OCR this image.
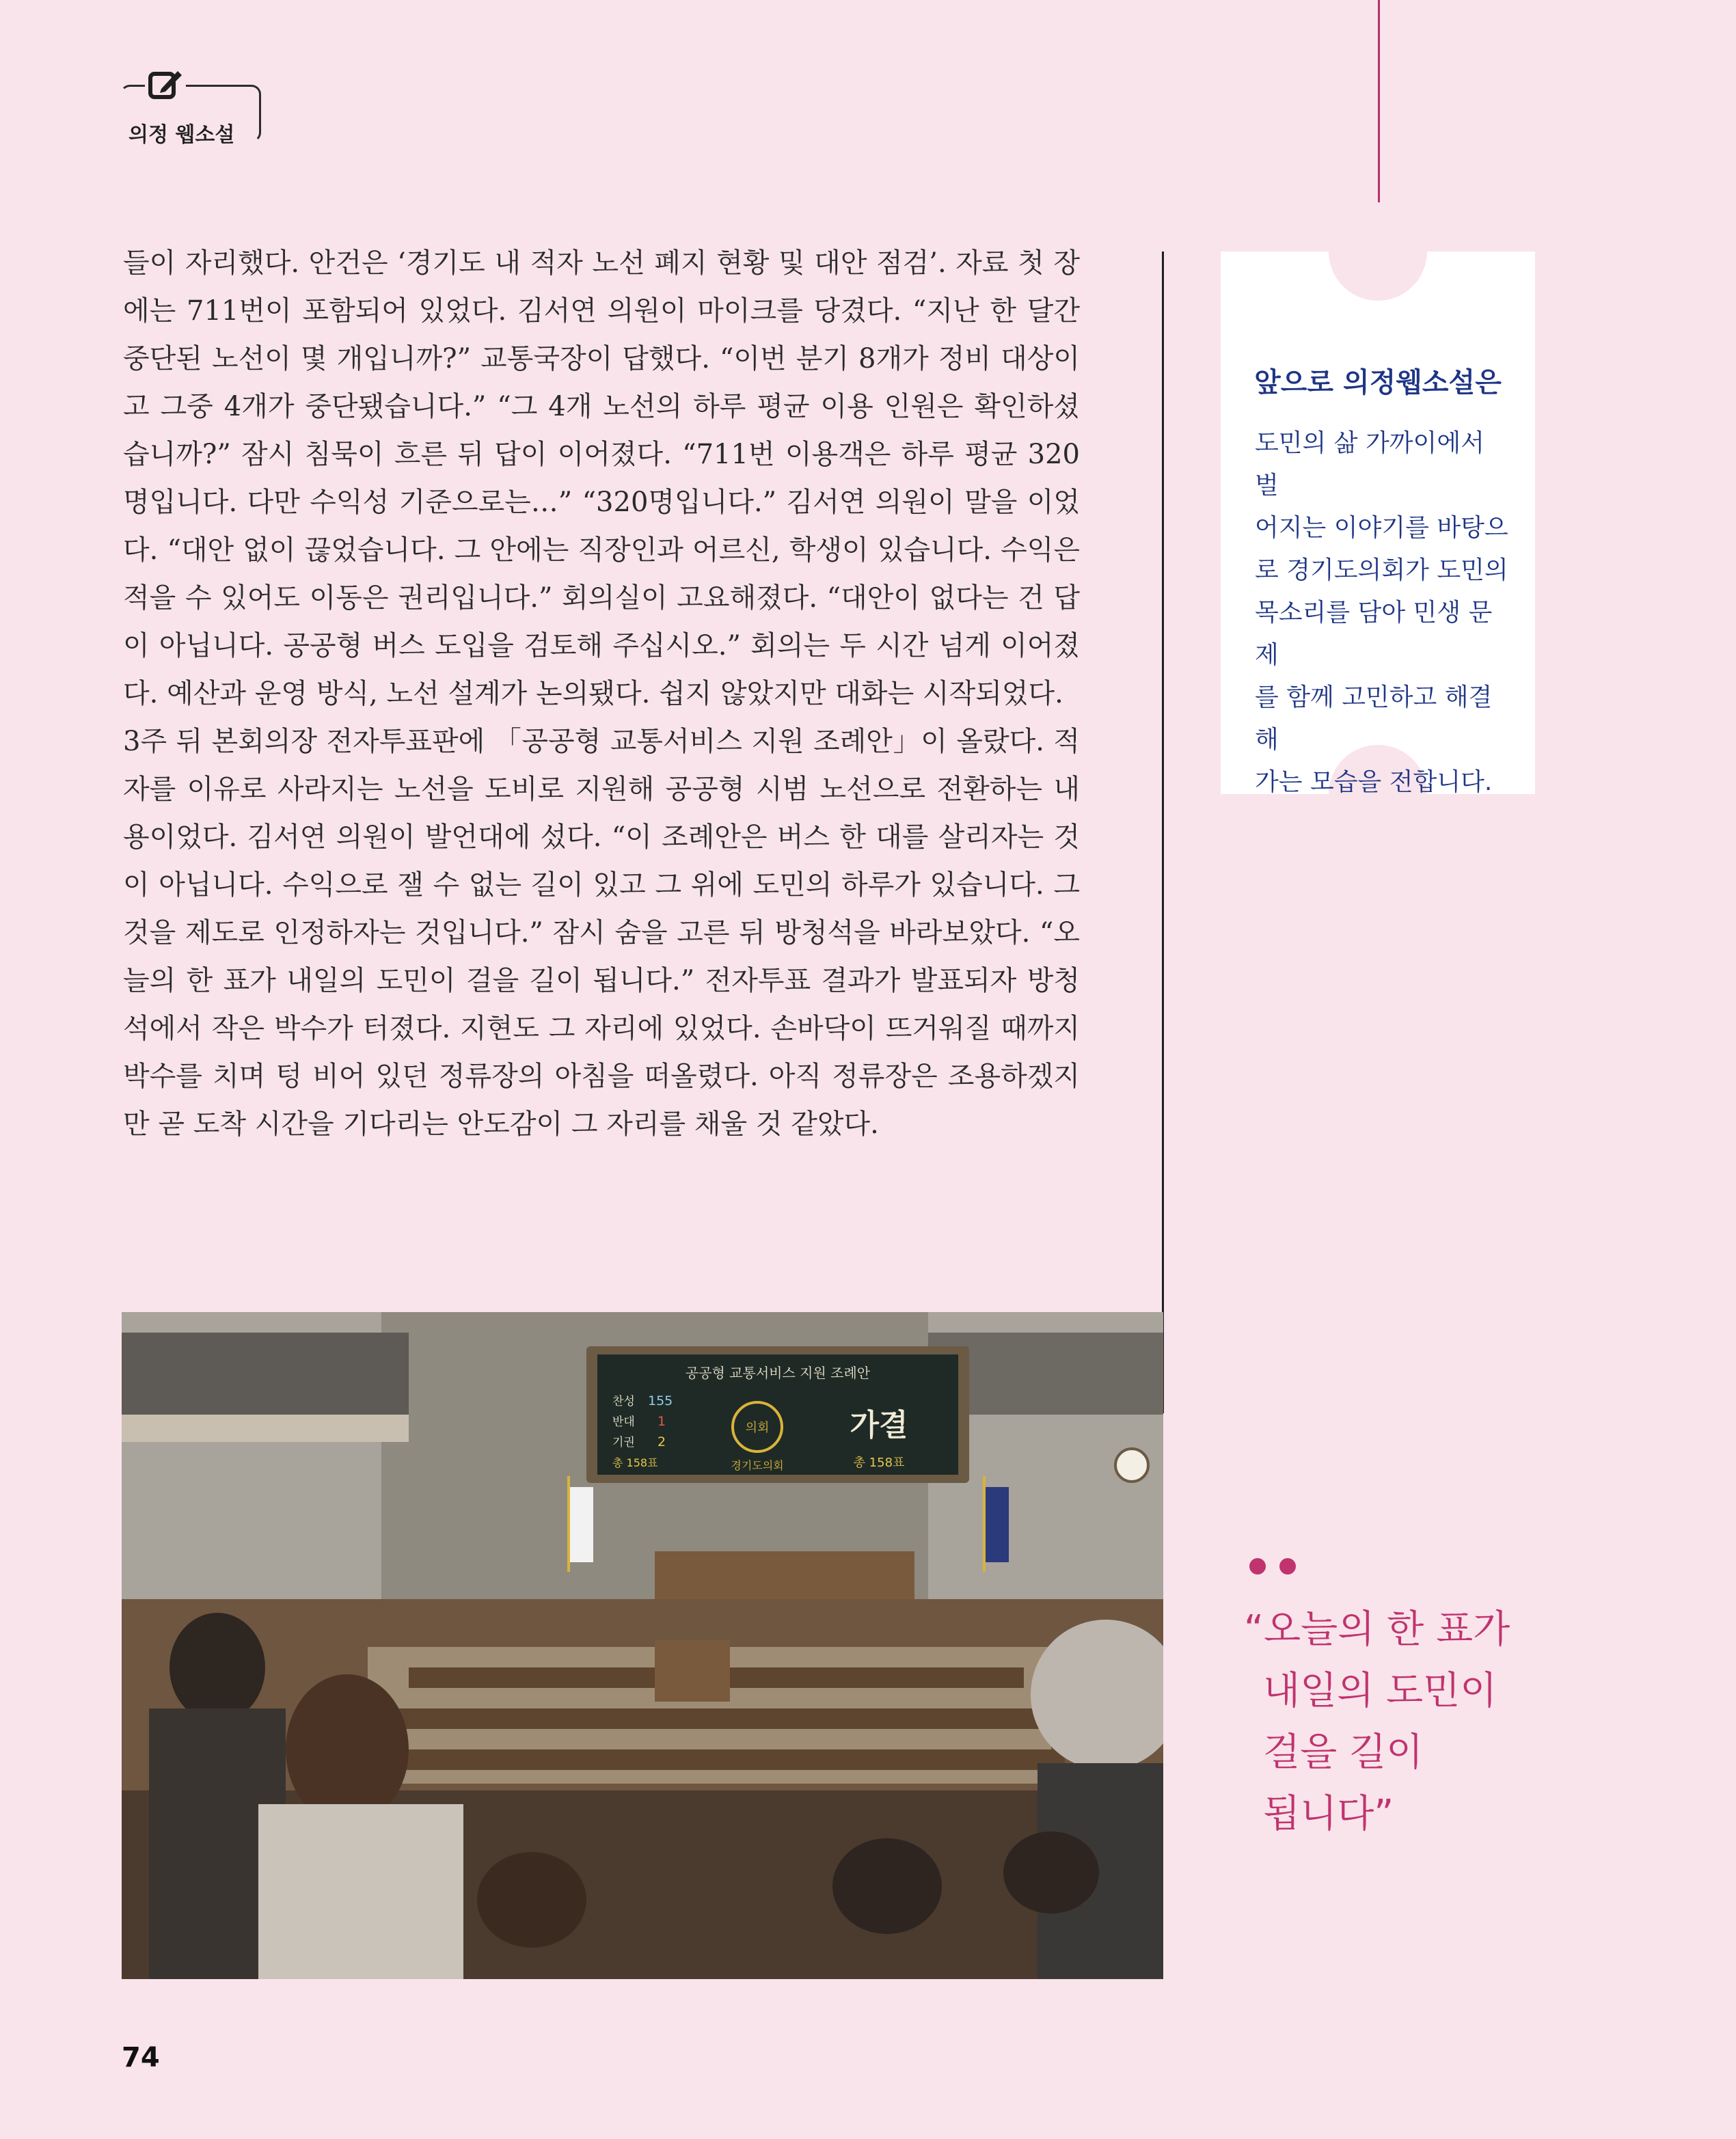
의정 웹소설

들이 자리했다. 안건은 ‘경기도 내 적자 노선 폐지 현황 및 대안 점검’. 자료 첫 장에는 711번이 포함되어 있었다. 김서연 의원이 마이크를 당겼다. “지난 한 달간 중단된 노선이 몇 개입니까?” 교통국장이 답했다. “이번 분기 8개가 정비 대상이고 그중 4개가 중단됐습니다.” “그 4개 노선의 하루 평균 이용 인원은 확인하셨습니까?” 잠시 침묵이 흐른 뒤 답이 이어졌다. “711번 이용객은 하루 평균 320명입니다. 다만 수익성 기준으로는…” “320명입니다.” 김서연 의원이 말을 이었다. “대안 없이 끊었습니다. 그 안에는 직장인과 어르신, 학생이 있습니다. 수익은 적을 수 있어도 이동은 권리입니다.” 회의실이 고요해졌다. “대안이 없다는 건 답이 아닙니다. 공공형 버스 도입을 검토해 주십시오.” 회의는 두 시간 넘게 이어졌다. 예산과 운영 방식, 노선 설계가 논의됐다. 쉽지 않았지만 대화는 시작되었다.

3주 뒤 본회의장 전자투표판에 「공공형 교통서비스 지원 조례안」이 올랐다. 적자를 이유로 사라지는 노선을 도비로 지원해 공공형 시범 노선으로 전환하는 내용이었다. 김서연 의원이 발언대에 섰다. “이 조례안은 버스 한 대를 살리자는 것이 아닙니다. 수익으로 잴 수 없는 길이 있고 그 위에 도민의 하루가 있습니다. 그것을 제도로 인정하자는 것입니다.” 잠시 숨을 고른 뒤 방청석을 바라보았다. “오늘의 한 표가 내일의 도민이 걸을 길이 됩니다.” 전자투표 결과가 발표되자 방청석에서 작은 박수가 터졌다. 지현도 그 자리에 있었다. 손바닥이 뜨거워질 때까지 박수를 치며 텅 비어 있던 정류장의 아침을 떠올렸다. 아직 정류장은 조용하겠지만 곧 도착 시간을 기다리는 안도감이 그 자리를 채울 것 같았다.

앞으로 의정웹소설은
도민의 삶 가까이에서 벌
어지는 이야기를 바탕으
로 경기도의회가 도민의
목소리를 담아 민생 문제
를 함께 고민하고 해결해
가는 모습을 전합니다.
공공형 교통서비스 지원 조례안
찬성 155
반대 1
기권 2
총 158표
의회
경기도의회
가결
총 158표
“오늘의 한 표가
내일의 도민이
걸을 길이
됩니다”
74
